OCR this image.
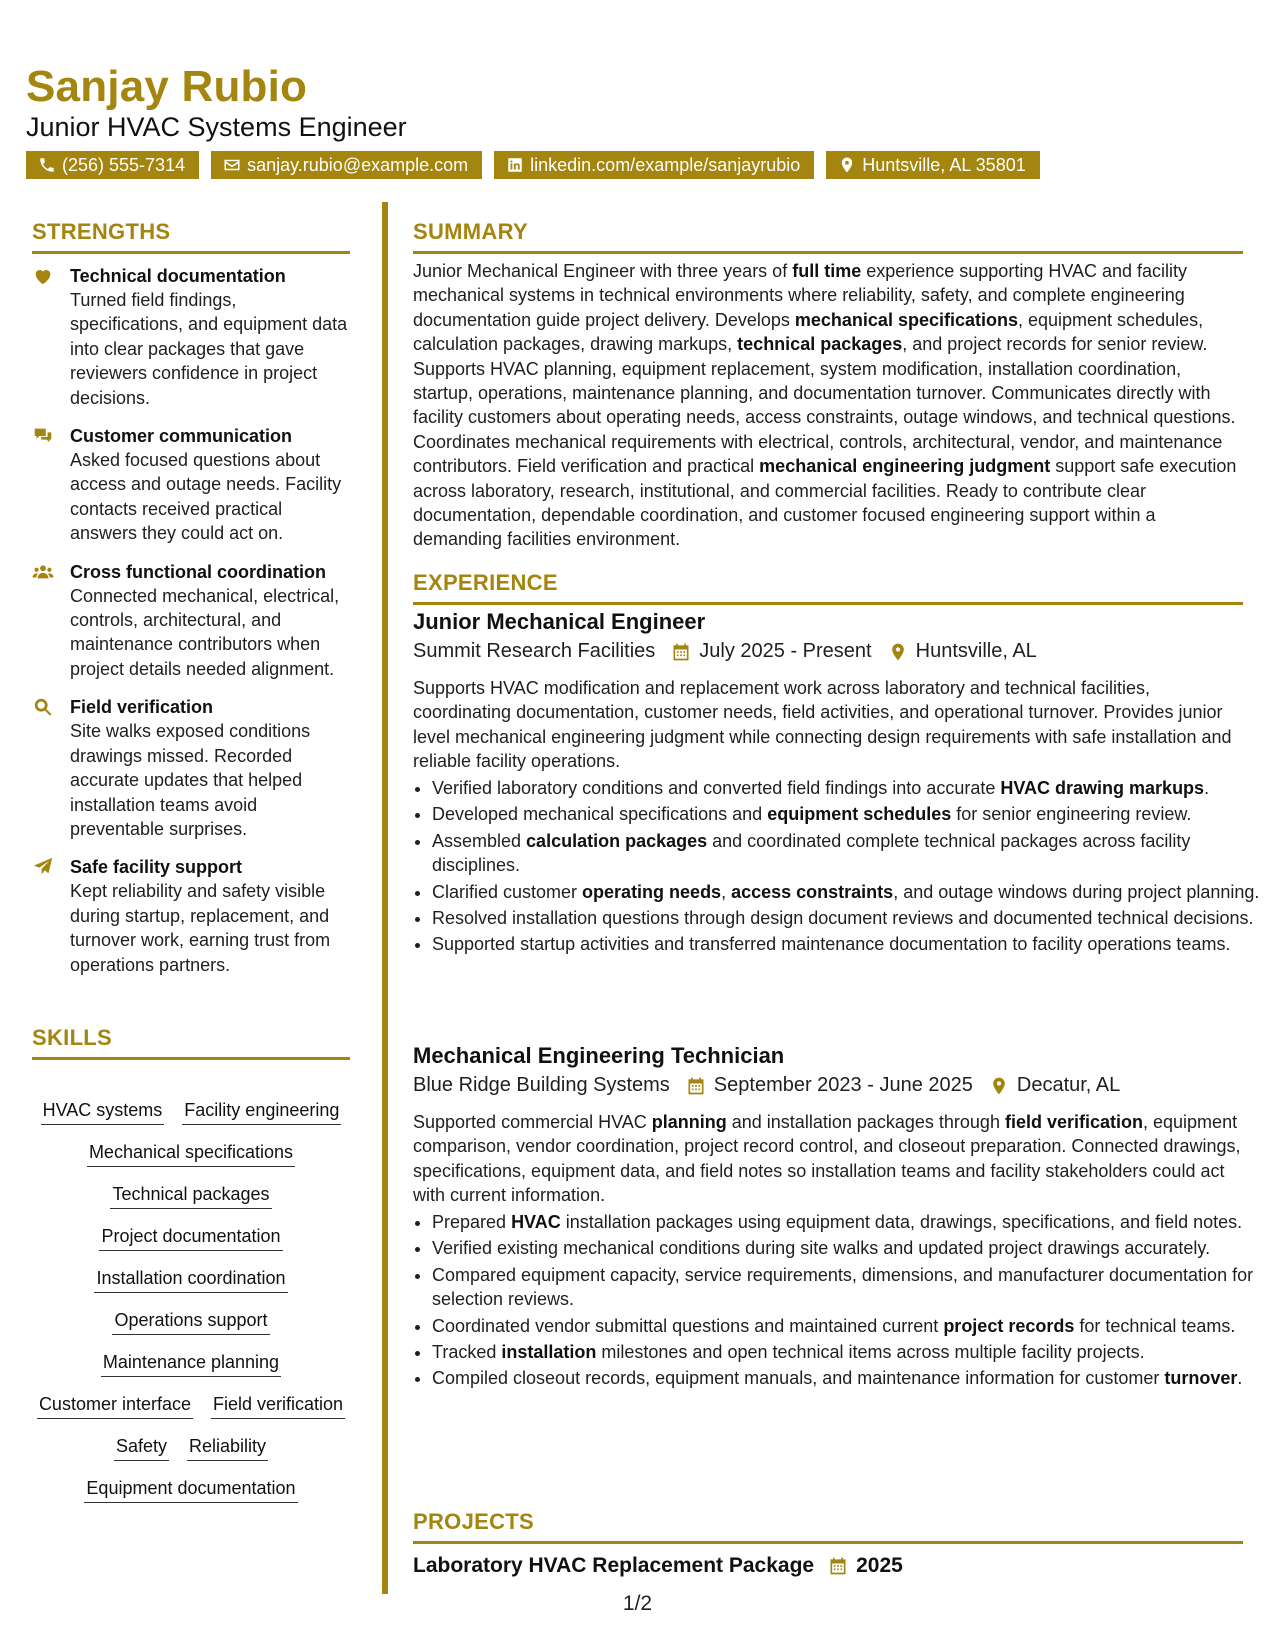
Sanjay Rubio
Junior HVAC Systems Engineer
(256) 555-7314	sanjay.rubio@example.com	linkedin.com/example/sanjayrubio	Huntsville, AL 35801
STRENGTHS
Technical documentation
Turned field findings, specifications, and equipment data into clear packages that gave reviewers confidence in project decisions.
Customer communication
Asked focused questions about access and outage needs. Facility contacts received practical answers they could act on.
Cross functional coordination
Connected mechanical, electrical, controls, architectural, and maintenance contributors when project details needed alignment.
Field verification
Site walks exposed conditions drawings missed. Recorded accurate updates that helped installation teams avoid preventable surprises.
Safe facility support
Kept reliability and safety visible during startup, replacement, and turnover work, earning trust from operations partners.
SKILLS
HVAC systems Facility engineering
Mechanical specifications
Technical packages
Project documentation
Installation coordination
Operations support
Maintenance planning
Customer interface Field verification
Safety Reliability
Equipment documentation
SUMMARY

Junior Mechanical Engineer with three years of full time experience supporting HVAC and facility mechanical systems in technical environments where reliability, safety, and complete engineering documentation guide project delivery. Develops mechanical specifications, equipment schedules, calculation packages, drawing markups, technical packages, and project records for senior review. Supports HVAC planning, equipment replacement, system modification, installation coordination, startup, operations, maintenance planning, and documentation turnover. Communicates directly with facility customers about operating needs, access constraints, outage windows, and technical questions. Coordinates mechanical requirements with electrical, controls, architectural, vendor, and maintenance contributors. Field verification and practical mechanical engineering judgment support safe execution across laboratory, research, institutional, and commercial facilities. Ready to contribute clear documentation, dependable coordination, and customer focused engineering support within a demanding facilities environment.

EXPERIENCE
Junior Mechanical Engineer
Summit Research Facilities July 2025 - Present Huntsville, AL

Supports HVAC modification and replacement work across laboratory and technical facilities, coordinating documentation, customer needs, field activities, and operational turnover. Provides junior level mechanical engineering judgment while connecting design requirements with safe installation and reliable facility operations.

• Verified laboratory conditions and converted field findings into accurate HVAC drawing markups.
• Developed mechanical specifications and equipment schedules for senior engineering review.
• Assembled calculation packages and coordinated complete technical packages across facility disciplines.
• Clarified customer operating needs, access constraints, and outage windows during project planning.
• Resolved installation questions through design document reviews and documented technical decisions.
• Supported startup activities and transferred maintenance documentation to facility operations teams.
Mechanical Engineering Technician
Blue Ridge Building Systems September 2023 - June 2025 Decatur, AL

Supported commercial HVAC planning and installation packages through field verification, equipment comparison, vendor coordination, project record control, and closeout preparation. Connected drawings, specifications, equipment data, and field notes so installation teams and facility stakeholders could act with current information.

• Prepared HVAC installation packages using equipment data, drawings, specifications, and field notes.
• Verified existing mechanical conditions during site walks and updated project drawings accurately.
• Compared equipment capacity, service requirements, dimensions, and manufacturer documentation for selection reviews.
• Coordinated vendor submittal questions and maintained current project records for technical teams.
• Tracked installation milestones and open technical items across multiple facility projects.
• Compiled closeout records, equipment manuals, and maintenance information for customer turnover.
PROJECTS
Laboratory HVAC Replacement Package 2025
1/2
